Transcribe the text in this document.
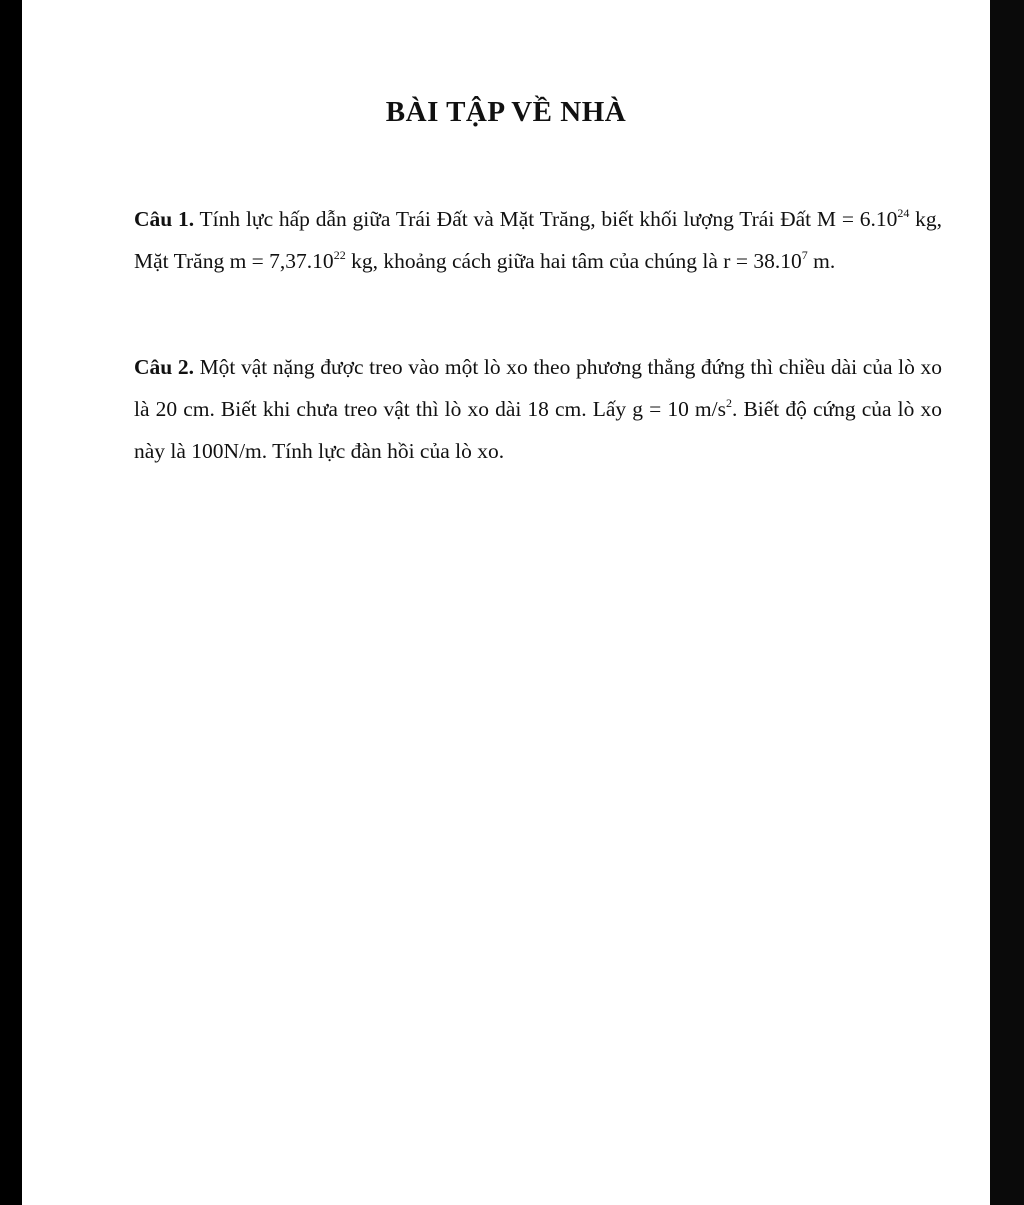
BÀI TẬP VỀ NHÀ
Câu 1. Tính lực hấp dẫn giữa Trái Đất và Mặt Trăng, biết khối lượng Trái Đất $M = 6.10^{24}$ kg, Mặt Trăng $m = 7,37.10^{22}$ kg, khoảng cách giữa hai tâm của chúng là $r = 38.10^7$ m.
Câu 2. Một vật nặng được treo vào một lò xo theo phương thẳng đứng thì chiều dài của lò xo là 20 cm. Biết khi chưa treo vật thì lò xo dài 18 cm. Lấy g = 10 $m/s^2$. Biết độ cứng của lò xo này là 100N/m. Tính lực đàn hồi của lò xo.
